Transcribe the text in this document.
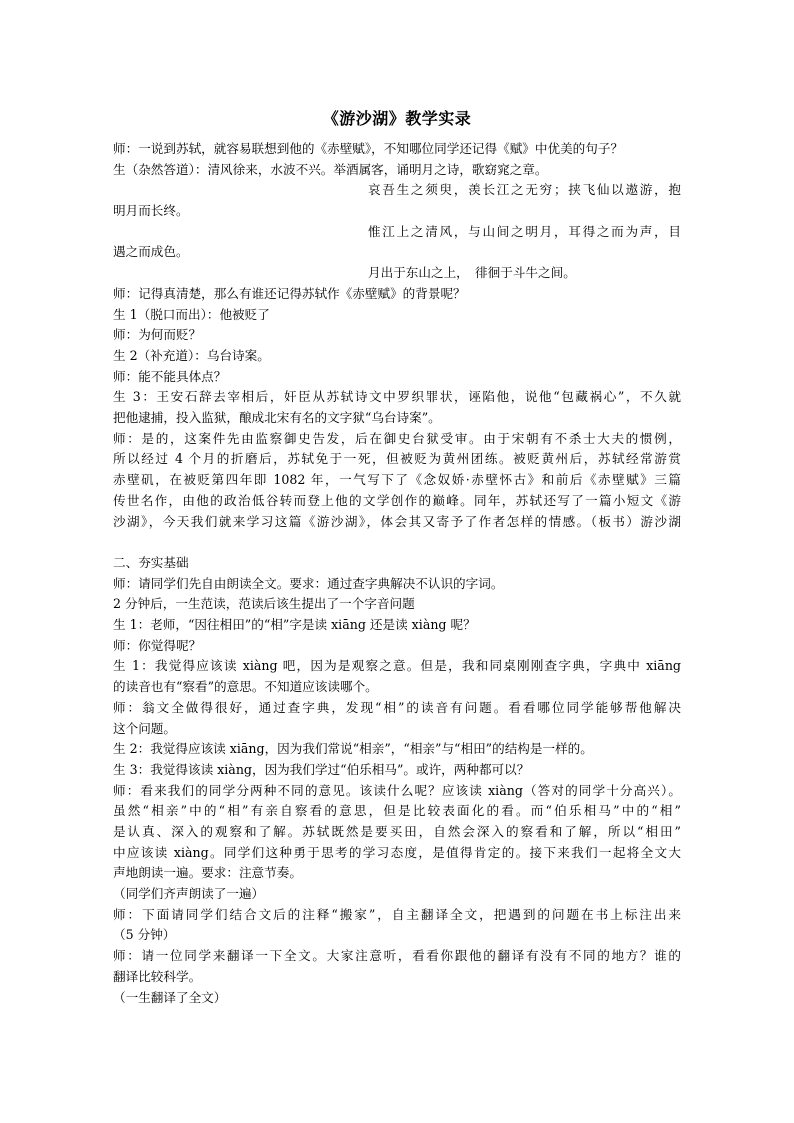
《游沙湖》教学实录
师：一说到苏轼，就容易联想到他的《赤壁赋》，不知哪位同学还记得《赋》中优美的句子？
生（杂然答道）：清风徐来，水波不兴。举酒属客，诵明月之诗，歌窈窕之章。
哀吾生之须臾，羡长江之无穷；挟飞仙以遨游，抱
明月而长终。
惟江上之清风，与山间之明月，耳得之而为声，目
遇之而成色。
月出于东山之上，　徘徊于斗牛之间。
师：记得真清楚，那么有谁还记得苏轼作《赤壁赋》的背景呢？
生 1（脱口而出）：他被贬了
师：为何而贬？
生 2（补充道）：乌台诗案。
师：能不能具体点？
生 3：王安石辞去宰相后，奸臣从苏轼诗文中罗织罪状，诬陷他，说他“包藏祸心”，不久就
把他逮捕，投入监狱，酿成北宋有名的文字狱“乌台诗案”。
师：是的，这案件先由监察御史告发，后在御史台狱受审。由于宋朝有不杀士大夫的惯例，
所以经过 4 个月的折磨后，苏轼免于一死，但被贬为黄州团练。被贬黄州后，苏轼经常游赏
赤壁矶，在被贬第四年即 1082 年，一气写下了《念奴娇·赤壁怀古》和前后《赤壁赋》三篇
传世名作，由他的政治低谷转而登上他的文学创作的巅峰。同年，苏轼还写了一篇小短文《游
沙湖》，今天我们就来学习这篇《游沙湖》，体会其又寄予了作者怎样的情感。（板书）游沙湖
二、夯实基础
师：请同学们先自由朗读全文。要求：通过查字典解决不认识的字词。
2 分钟后，一生范读，范读后该生提出了一个字音问题
生 1：老师，“因往相田”的“相”字是读 xiāng 还是读 xiàng 呢？
师：你觉得呢？
生 1：我觉得应该读 xiàng 吧，因为是观察之意。但是，我和同桌刚刚查字典，字典中 xiāng
的读音也有“察看”的意思。不知道应该读哪个。
师：翁文全做得很好，通过查字典，发现“相”的读音有问题。看看哪位同学能够帮他解决
这个问题。
生 2：我觉得应该读 xiāng，因为我们常说“相亲”，“相亲”与“相田”的结构是一样的。
生 3：我觉得该读 xiàng，因为我们学过“伯乐相马”。或许，两种都可以？
师：看来我们的同学分两种不同的意见。该读什么呢？应该读 xiàng（答对的同学十分高兴）。
虽然“相亲”中的“相”有亲自察看的意思，但是比较表面化的看。而“伯乐相马”中的“相”
是认真、深入的观察和了解。苏轼既然是要买田，自然会深入的察看和了解，所以“相田”
中应该读 xiàng。同学们这种勇于思考的学习态度，是值得肯定的。接下来我们一起将全文大
声地朗读一遍。要求：注意节奏。
（同学们齐声朗读了一遍）
师：下面请同学们结合文后的注释“搬家”，自主翻译全文，把遇到的问题在书上标注出来
（5 分钟）
师：请一位同学来翻译一下全文。大家注意听，看看你跟他的翻译有没有不同的地方？谁的
翻译比较科学。
（一生翻译了全文）
